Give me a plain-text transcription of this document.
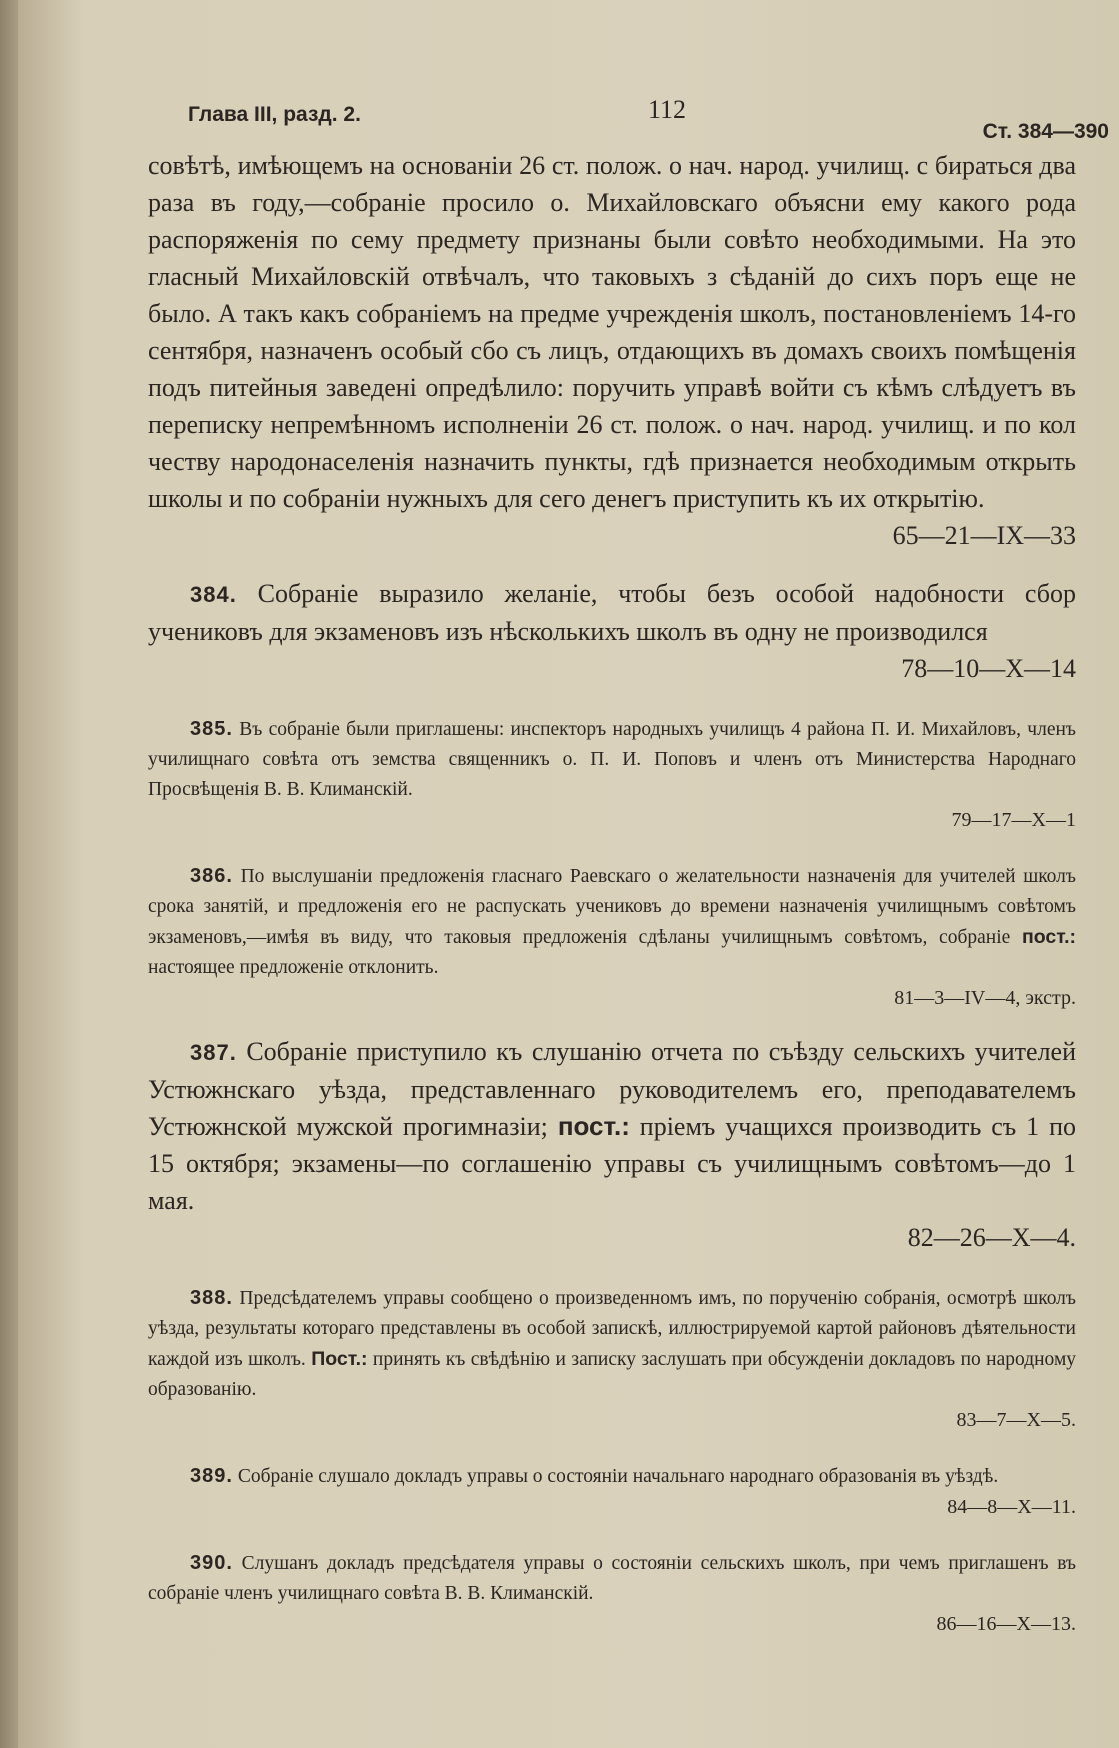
Глава III, разд. 2.	112
Ст. 384—390

совѣтѣ, имѣющемъ на основанiи 26 ст. полож. о нач. народ. училищ. с бираться два раза въ году,—собранiе просило о. Михайловскаго объясни ему какого рода распоряженiя по сему предмету признаны были совѣто необходимыми. На это гласный Михайловскiй отвѣчалъ, что таковыхъ з сѣданiй до сихъ поръ еще не было. А такъ какъ собранiемъ на предме учрежденiя школъ, постановленiемъ 14-го сентября, назначенъ особый сбо съ лицъ, отдающихъ въ домахъ своихъ помѣщенiя подъ питейныя заведенi опредѣлило: поручить управѣ войти съ кѣмъ слѣдуетъ въ переписку непремѣнномъ исполненiи 26 ст. полож. о нач. народ. училищ. и по кол честву народонаселенiя назначить пункты, гдѣ признается необходимым открыть школы и по собранiи нужныхъ для сего денегъ приступить къ их открытiю.

65—21—IX—33

384. Собранiе выразило желанiе, чтобы безъ особой надобности сбор учениковъ для экзаменовъ изъ нѣсколькихъ школъ въ одну не производился

78—10—X—14

385. Въ собранiе были приглашены: инспекторъ народныхъ училищъ 4 района П. И. Михайловъ, членъ училищнаго совѣта отъ земства священникъ о. П. И. Поповъ и членъ отъ Министерства Народнаго Просвѣщенiя В. В. Климанскiй.

79—17—X—1

386. По выслушанiи предложенiя гласнаго Раевскаго о желательности назначенiя для учителей школъ срока занятiй, и предложенiя его не распускать учениковъ до времени назначенiя училищнымъ совѣтомъ экзаменовъ,—имѣя въ виду, что таковыя предложенiя сдѣланы училищнымъ совѣтомъ, собранiе пост.: настоящее предложенiе отклонить.

81—3—IV—4, экстр.

387. Собранiе приступило къ слушанiю отчета по съѣзду сельскихъ учителей Устюжнскаго уѣзда, представленнаго руководителемъ его, преподавателемъ Устюжнской мужской прогимназiи; пост.: прiемъ учащихся производить съ 1 по 15 октября; экзамены—по соглашенiю управы съ училищнымъ совѣтомъ—до 1 мая.

82—26—X—4.

388. Предсѣдателемъ управы сообщено о произведенномъ имъ, по порученiю собранiя, осмотрѣ школъ уѣзда, результаты котораго представлены въ особой запискѣ, иллюстрируемой картой районовъ дѣятельности каждой изъ школъ. Пост.: принять къ свѣдѣнiю и записку заслушать при обсужденiи докладовъ по народному образованiю.

83—7—X—5.

389. Собранiе слушало докладъ управы о состоянiи начальнаго народнаго образованiя въ уѣздѣ.

84—8—X—11.

390. Слушанъ докладъ предсѣдателя управы о состоянiи сельскихъ школъ, при чемъ приглашенъ въ собранiе членъ училищнаго совѣта В. В. Климанскiй.

86—16—X—13.
